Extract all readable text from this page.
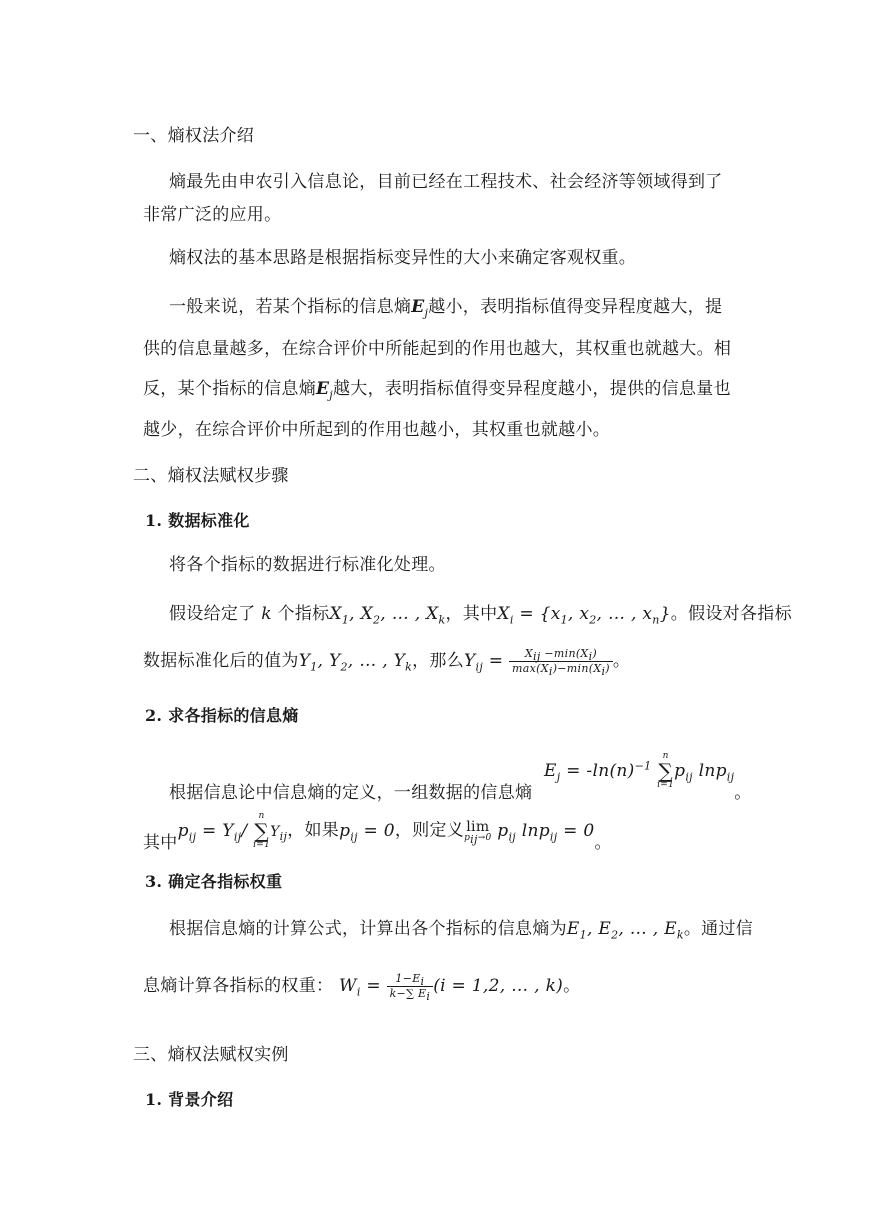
一、熵权法介绍
熵最先由申农引入信息论，目前已经在工程技术、社会经济等领域得到了
非常广泛的应用。
熵权法的基本思路是根据指标变异性的大小来确定客观权重。
一般来说，若某个指标的信息熵$E_j$越小，表明指标值得变异程度越大，提
供的信息量越多，在综合评价中所能起到的作用也越大，其权重也就越大。相
反，某个指标的信息熵$E_j$越大，表明指标值得变异程度越小，提供的信息量也
越少，在综合评价中所起到的作用也越小，其权重也就越小。
二、熵权法赋权步骤
1. 数据标准化
将各个指标的数据进行标准化处理。
假设给定了 k 个指标$X_1$, $X_2$, … , $X_k$，其中$X_i = \{x_1$, $x_2$, … , $x_n$}。假设对各指标
数据标准化后的值为$Y_1$, $Y_2$, … , $Y_k$，那么$Y_{ij} = \frac{X_{ij} -\min(X_i)}{\max(X_i)-\min(X_i)}$ 。
2. 求各指标的信息熵
根据信息论中信息熵的定义，一组数据的信息熵 $E_j = -\ln(n)^{-1}$
n
∑
i=1
$p_{ij}$ lnp$_{ij}$。
其中$p_{ij} = Y_{ij}/$
n
∑
i=1
$Y_{ij}$，如果$p_{ij} = 0$，则定义 lim
$p_{ij}\to 0$ $p_{ij}$ lnp$_{ij}$ = 0。
3. 确定各指标权重
根据信息熵的计算公式，计算出各个指标的信息熵为$E_1$, $E_2$, … , $E_k$。通过信
息熵计算各指标的权重： $W_i = \frac{1-E_i}{k-\sum E_i} (i = 1,2$, … , k)。
三、熵权法赋权实例
1. 背景介绍
